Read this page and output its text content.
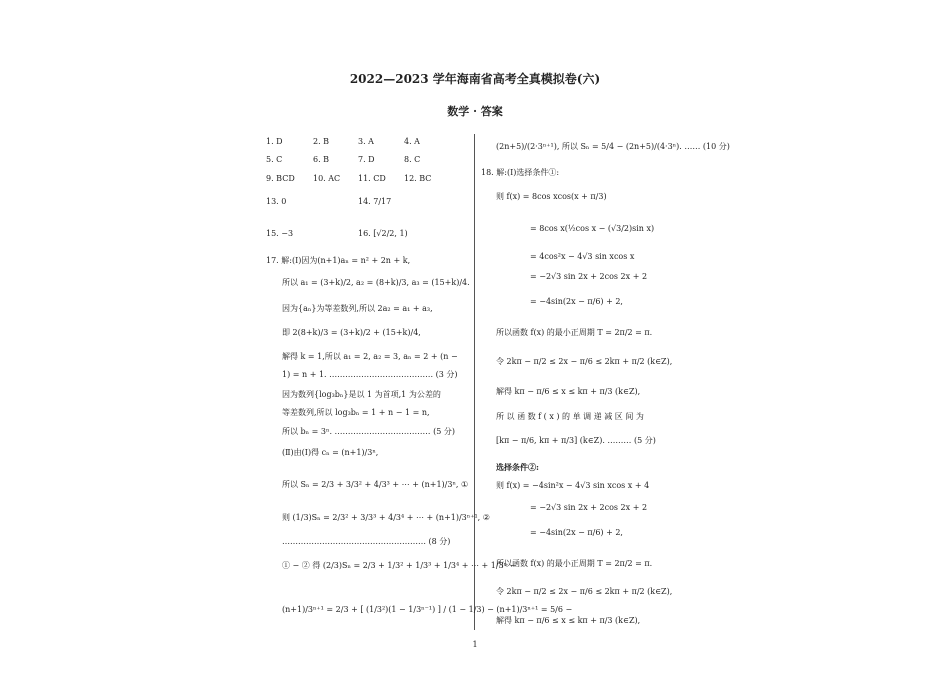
2022—2023 学年海南省高考全真模拟卷(六)
数学 · 答案
1. D	2. B	3. A	4. A
5. C	6. B	7. D	8. C
9. BCD 10. AC 11. CD 12. BC
13. 0	14. 7/17
15. −3	16. [√2/2, 1)
17. 解:(Ⅰ)因为(n+1)aₙ = n² + 2n + k,
所以 a₁ = (3+k)/2, a₂ = (8+k)/3, a₃ = (15+k)/4.
因为{aₙ}为等差数列,所以 2a₂ = a₁ + a₃,
即 2(8+k)/3 = (3+k)/2 + (15+k)/4,
解得 k = 1,所以 a₁ = 2, a₂ = 3, aₙ = 2 + (n −
1) = n + 1. ………………………………… (3 分)
因为数列{log₃bₙ}是以 1 为首项,1 为公差的
等差数列,所以 log₃bₙ = 1 + n − 1 = n,
所以 bₙ = 3ⁿ. ……………………………… (5 分)
(Ⅱ)由(Ⅰ)得 cₙ = (n+1)/3ⁿ,
所以 Sₙ = 2/3 + 3/3² + 4/3³ + ⋯ + (n+1)/3ⁿ, ①
则 (1/3)Sₙ = 2/3² + 3/3³ + 4/3⁴ + ⋯ + (n+1)/3ⁿ⁺¹, ②
……………………………………………… (8 分)
① − ② 得 (2/3)Sₙ = 2/3 + 1/3² + 1/3³ + 1/3⁴ + ⋯ + 1/3ⁿ −
(n+1)/3ⁿ⁺¹ = 2/3 + [ (1/3²)(1 − 1/3ⁿ⁻¹) ] / (1 − 1/3) − (n+1)/3ⁿ⁺¹ = 5/6 −
(2n+5)/(2·3ⁿ⁺¹), 所以 Sₙ = 5/4 − (2n+5)/(4·3ⁿ). …… (10 分)
18. 解:(Ⅰ)选择条件①:
则 f(x) = 8cos xcos(x + π/3)
= 8cos x(½cos x − (√3/2)sin x)
= 4cos²x − 4√3 sin xcos x
= −2√3 sin 2x + 2cos 2x + 2
= −4sin(2x − π/6) + 2,
所以函数 f(x) 的最小正周期 T = 2π/2 = π.
令 2kπ − π/2 ≤ 2x − π/6 ≤ 2kπ + π/2 (k∈Z),
解得 kπ − π/6 ≤ x ≤ kπ + π/3 (k∈Z),
所 以 函 数 f ( x ) 的 单 调 递 减 区 间 为
[kπ − π/6, kπ + π/3] (k∈Z). ……… (5 分)
选择条件②:
则 f(x) = −4sin²x − 4√3 sin xcos x + 4
= −2√3 sin 2x + 2cos 2x + 2
= −4sin(2x − π/6) + 2,
所以函数 f(x) 的最小正周期 T = 2π/2 = π.
令 2kπ − π/2 ≤ 2x − π/6 ≤ 2kπ + π/2 (k∈Z),
解得 kπ − π/6 ≤ x ≤ kπ + π/3 (k∈Z),
1
